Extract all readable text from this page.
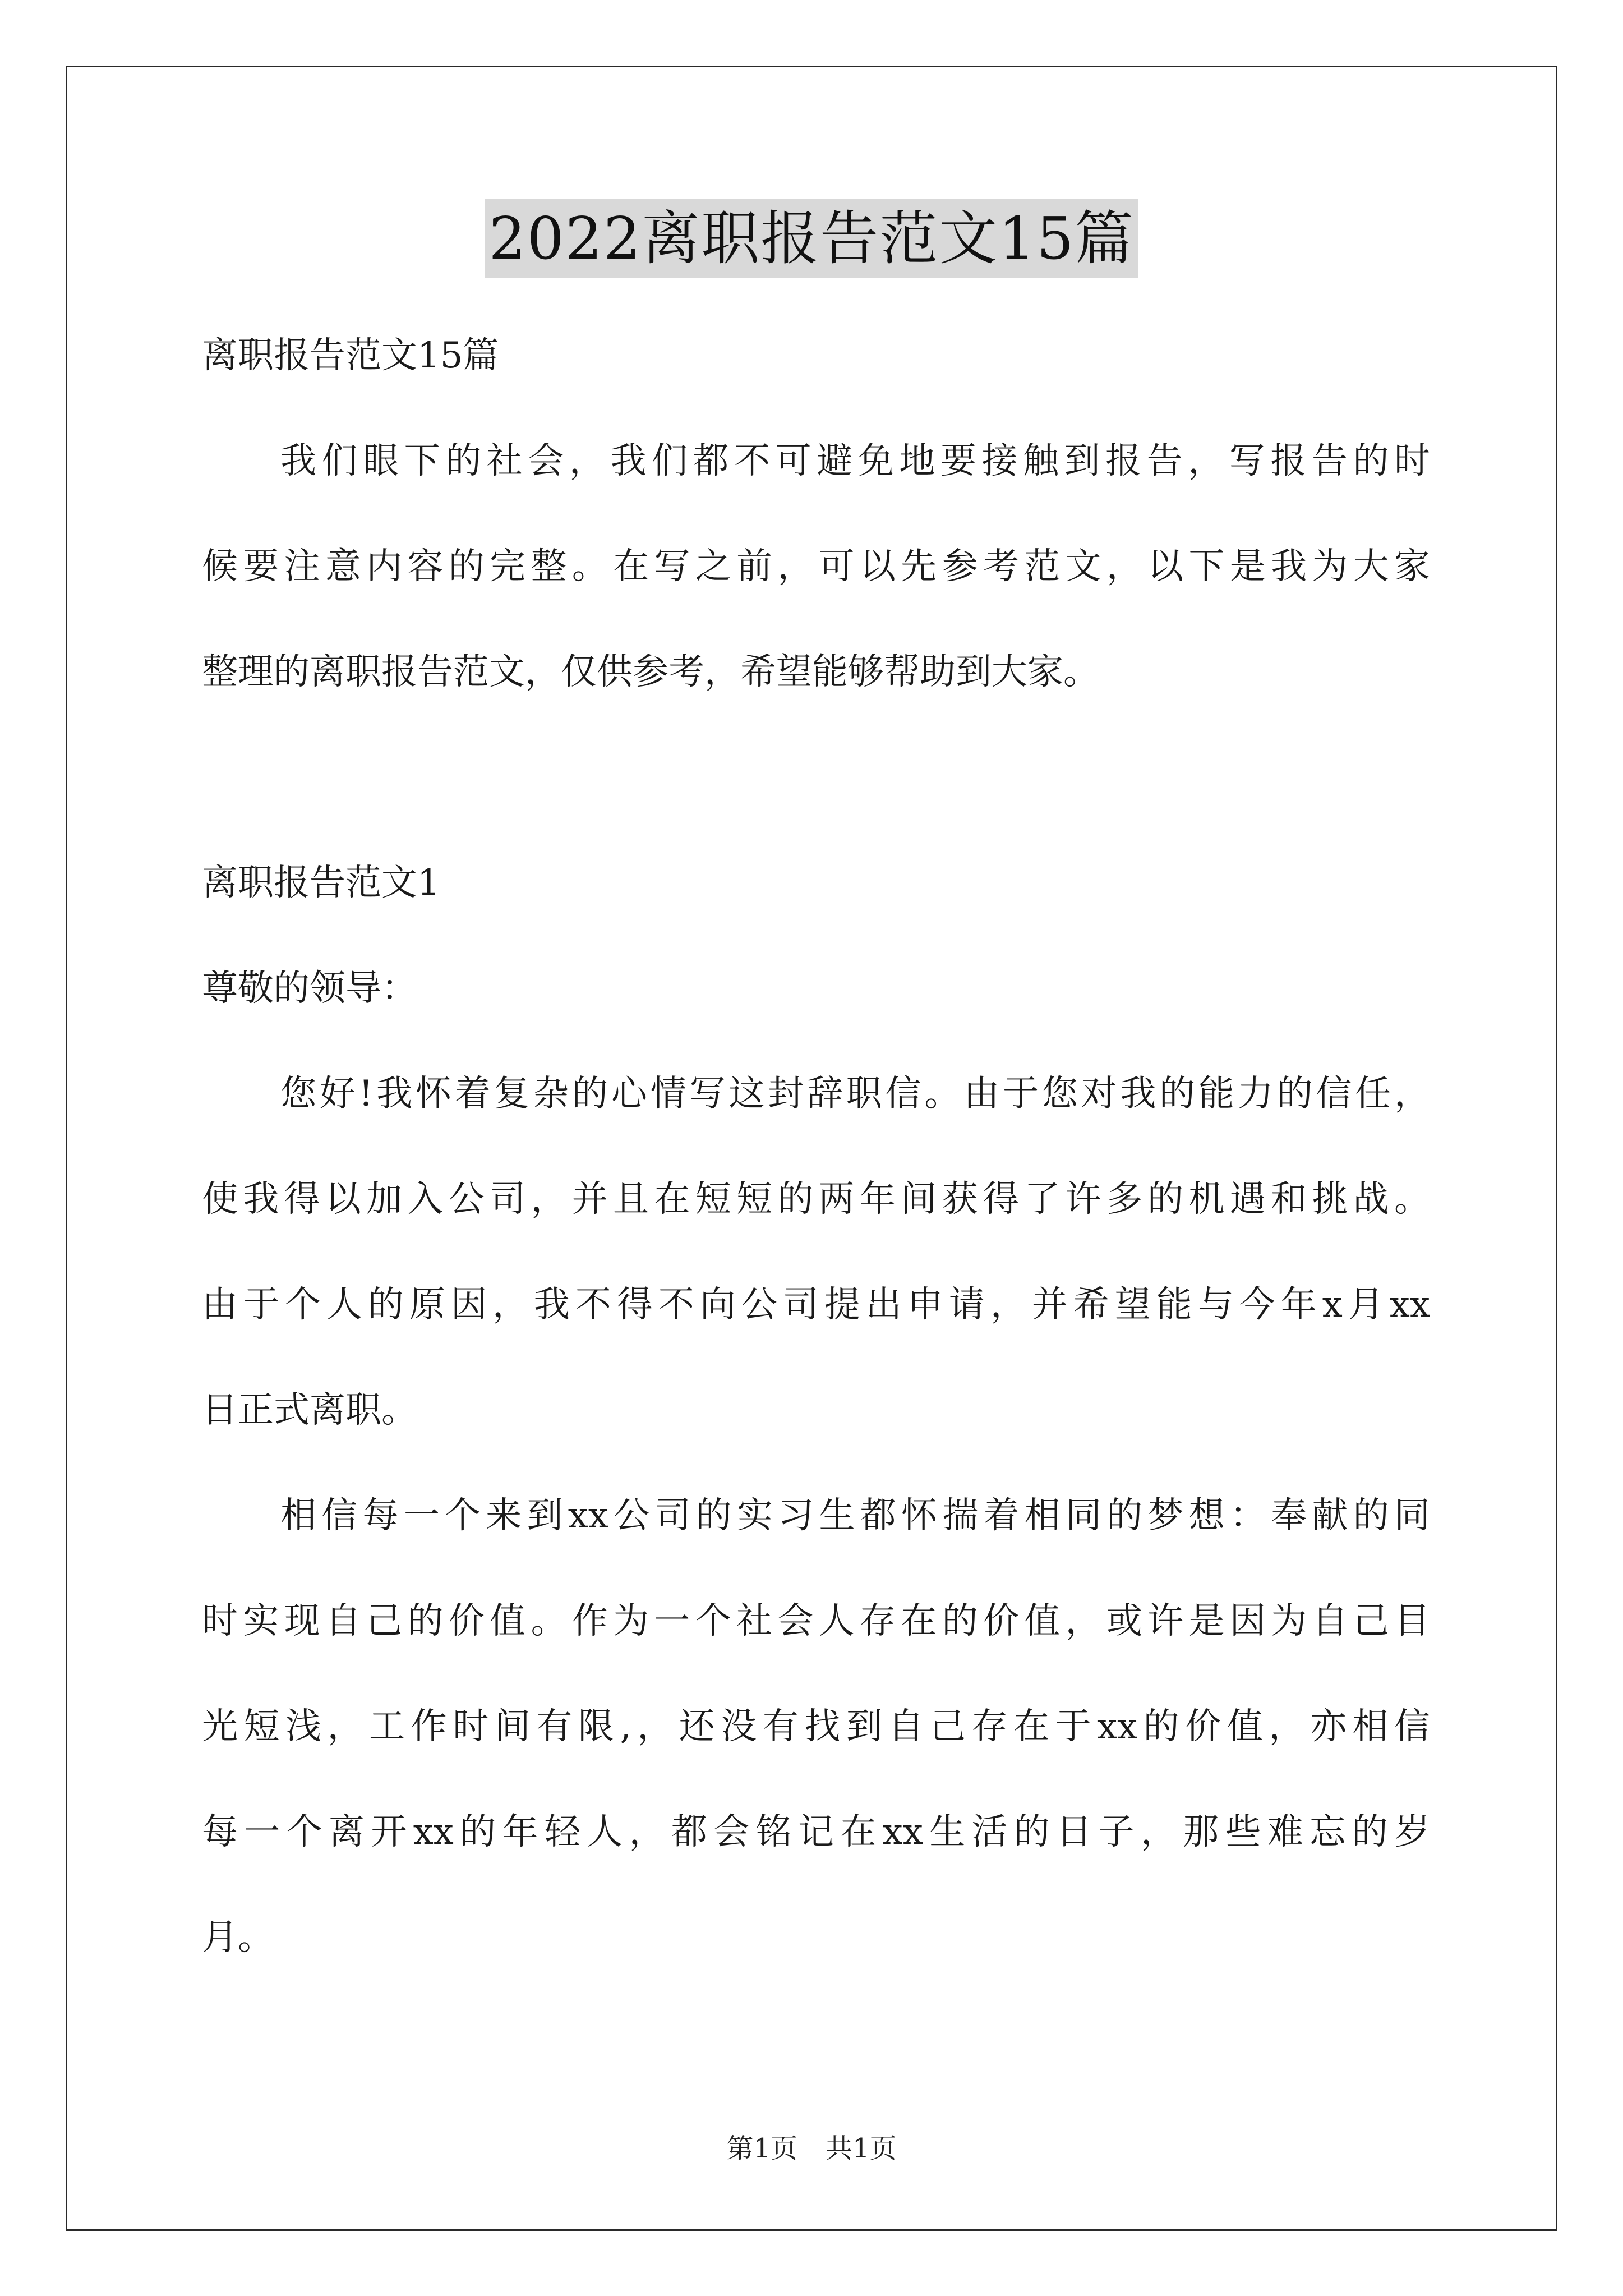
2022离职报告范文15篇

离职报告范文15篇

我们眼下的社会，我们都不可避免地要接触到报告，写报告的时

候要注意内容的完整。在写之前，可以先参考范文，以下是我为大家

整理的离职报告范文，仅供参考，希望能够帮助到大家。

离职报告范文1

尊敬的领导：

您好!我怀着复杂的心情写这封辞职信。由于您对我的能力的信任，

使我得以加入公司，并且在短短的两年间获得了许多的机遇和挑战。

由于个人的原因，我不得不向公司提出申请，并希望能与今年x月xx

日正式离职。

相信每一个来到xx公司的实习生都怀揣着相同的梦想：奉献的同

时实现自己的价值。作为一个社会人存在的价值，或许是因为自己目

光短浅，工作时间有限,，还没有找到自己存在于xx的价值，亦相信

每一个离开xx的年轻人，都会铭记在xx生活的日子，那些难忘的岁

月。

第1页 共1页
